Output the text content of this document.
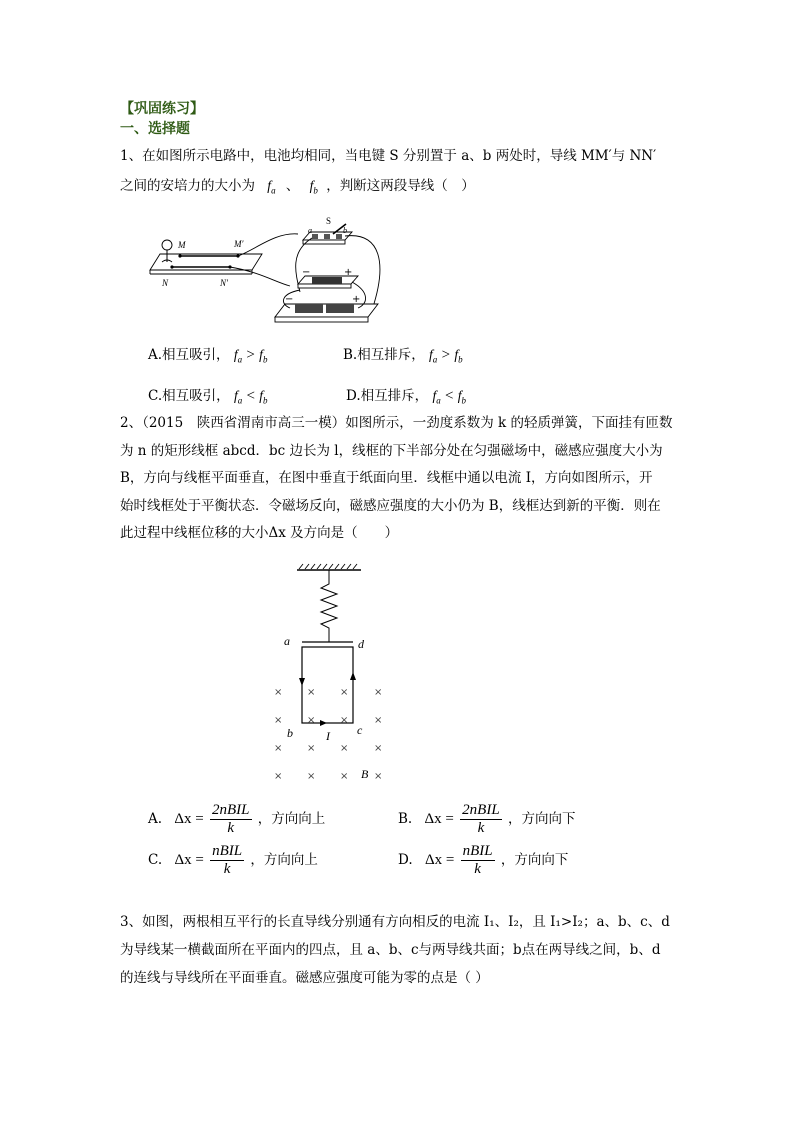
【巩固练习】
一、选择题
1、在如图所示电路中，电池均相同，当电键 S 分别置于 a、b 两处时，导线 MM′与 NN′
之间的安培力的大小为 $f_a$ 、 $f_b$ ，判断这两段导线（　）
M	M′
N	N′
S
a	b
−	+
−	+
A.相互吸引， $f_a > f_b$	B.相互排斥， $f_a > f_b$
C.相互吸引， $f_a < f_b$	D.相互排斥， $f_a < f_b$
2、（2015　陕西省渭南市高三一模）如图所示，一劲度系数为 k 的轻质弹簧，下面挂有匝数
为 n 的矩形线框 abcd．bc 边长为 l，线框的下半部分处在匀强磁场中，磁感应强度大小为
B，方向与线框平面垂直，在图中垂直于纸面向里．线框中通以电流 I，方向如图所示，开
始时线框处于平衡状态．令磁场反向，磁感应强度的大小仍为 B，线框达到新的平衡．则在
此过程中线框位移的大小Δx 及方向是（　　）
× × ×	×
× × ×	×
× × ×	×
× × ×	×
a	d
b	c
I
B
A. $\Delta x = \frac{\text{2nBIL}}{k}$ ，方向向上	B. $\Delta x = \frac{\text{2nBIL}}{k}$ ，方向向下
C. $\Delta x = \frac{\text{nBIL}}{k}$ ，方向向上	D. $\Delta x = \frac{\text{nBIL}}{k}$ ，方向向下
3、如图，两根相互平行的长直导线分别通有方向相反的电流 I₁、I₂，且 I₁>I₂；a、b、c、d
为导线某一横截面所在平面内的四点，且 a、b、c与两导线共面；b点在两导线之间，b、d
的连线与导线所在平面垂直。磁感应强度可能为零的点是（ ）
